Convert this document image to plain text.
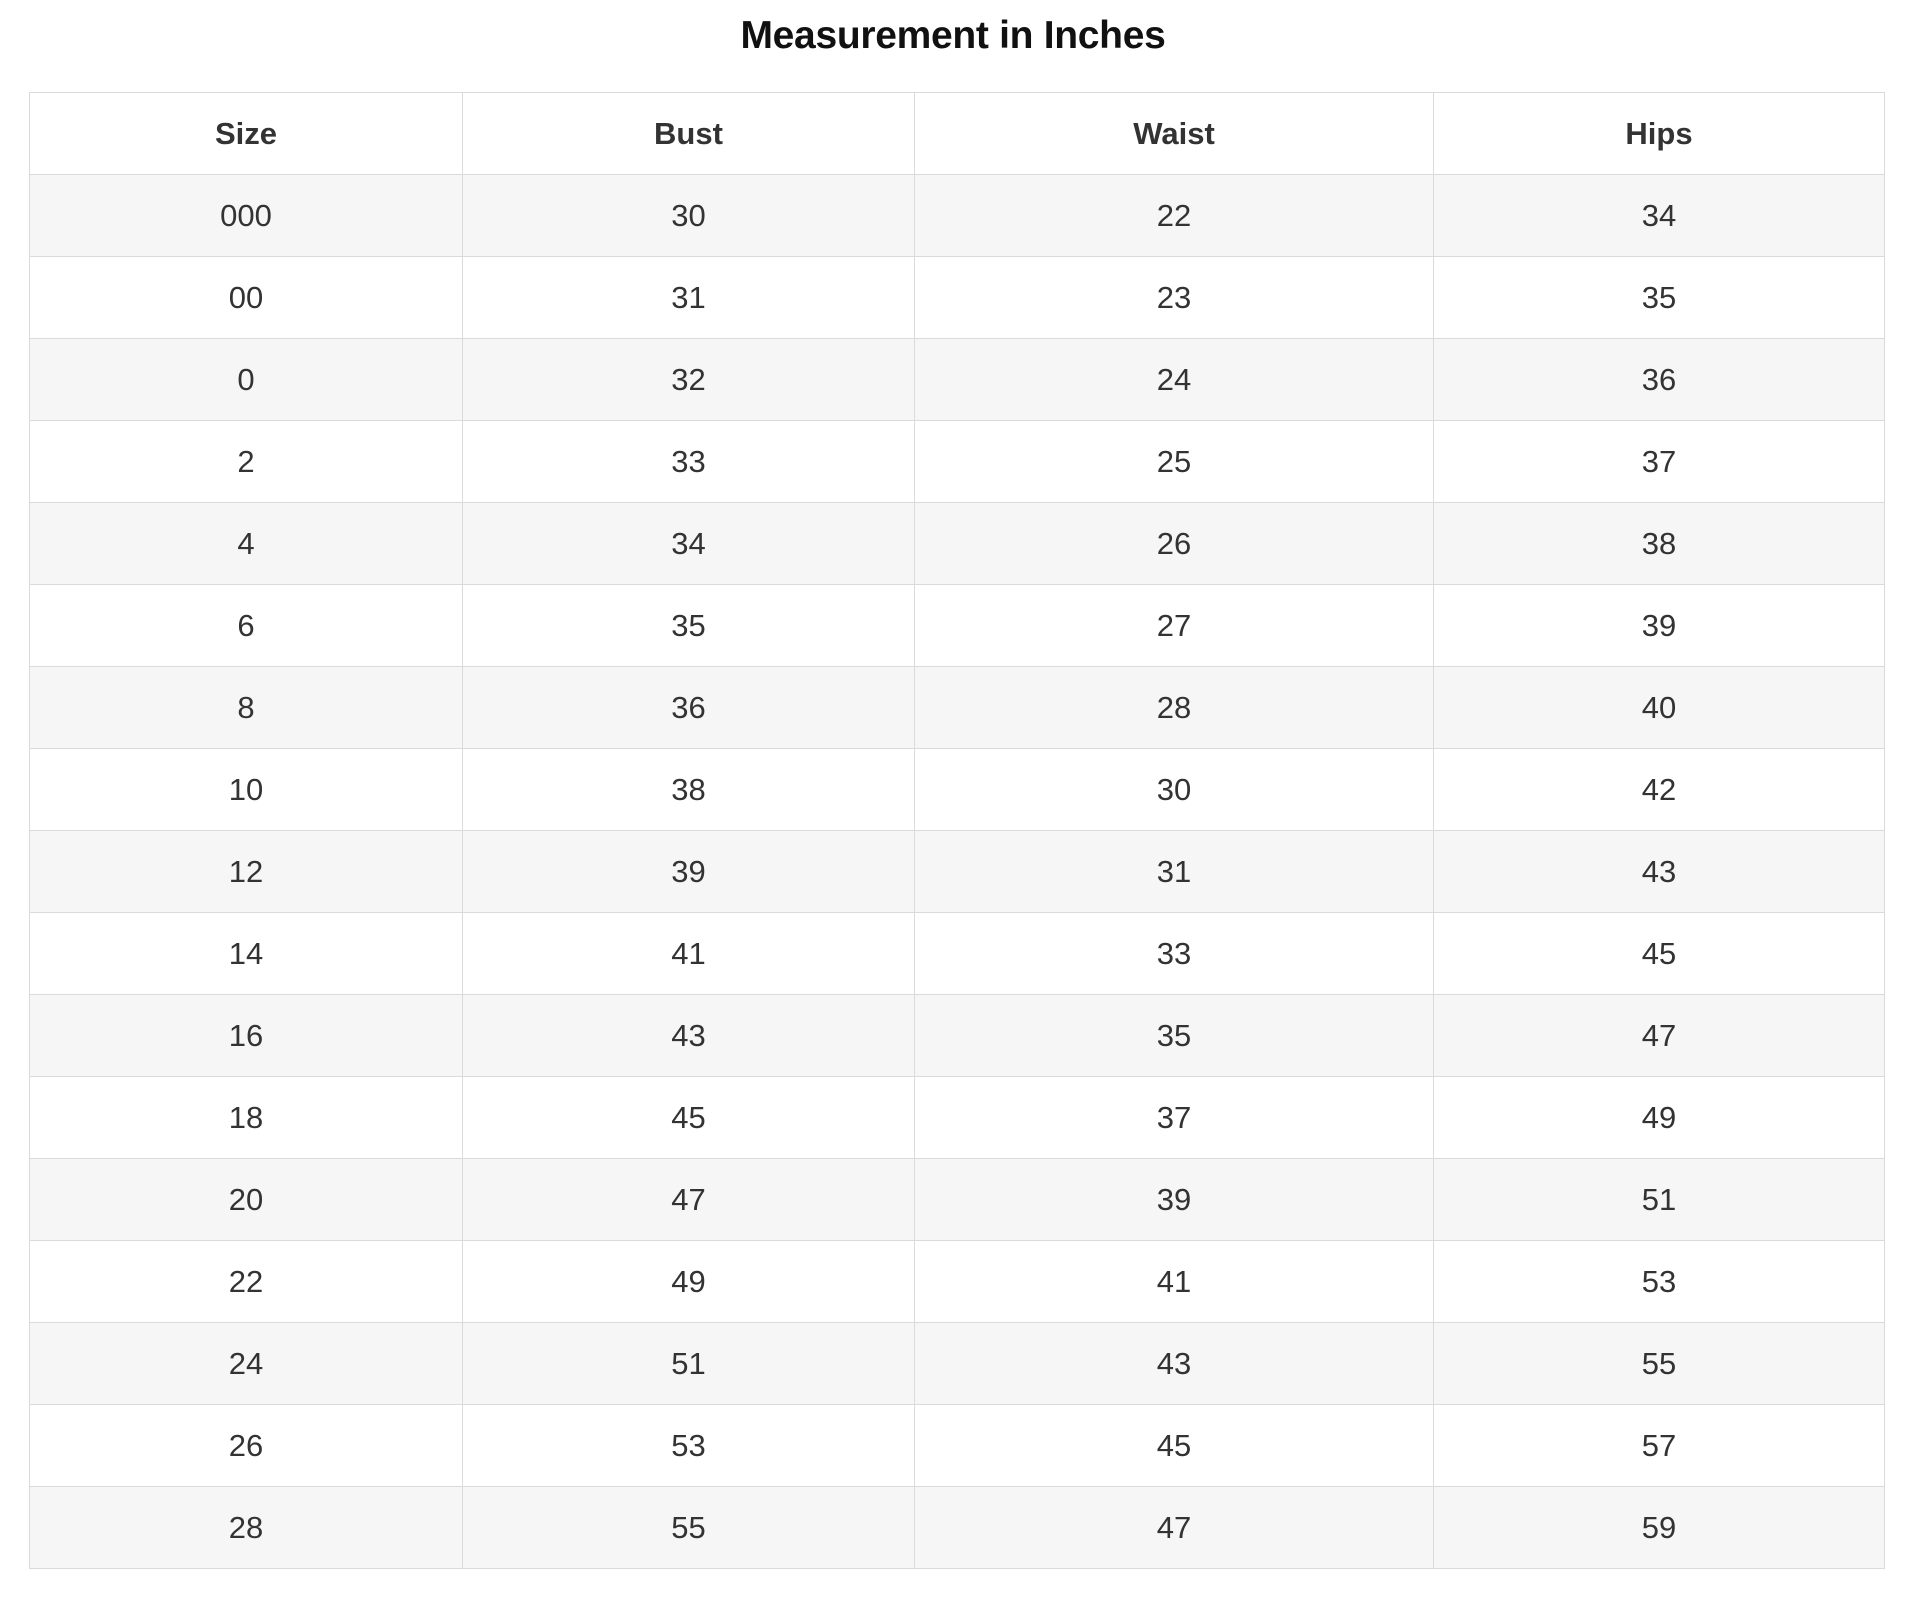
Measurement in Inches
Size	Bust	Waist	Hips
000	30	22	34
00	31	23	35
0	32	24	36
2	33	25	37
4	34	26	38
6	35	27	39
8	36	28	40
10	38	30	42
12	39	31	43
14	41	33	45
16	43	35	47
18	45	37	49
20	47	39	51
22	49	41	53
24	51	43	55
26	53	45	57
28	55	47	59
